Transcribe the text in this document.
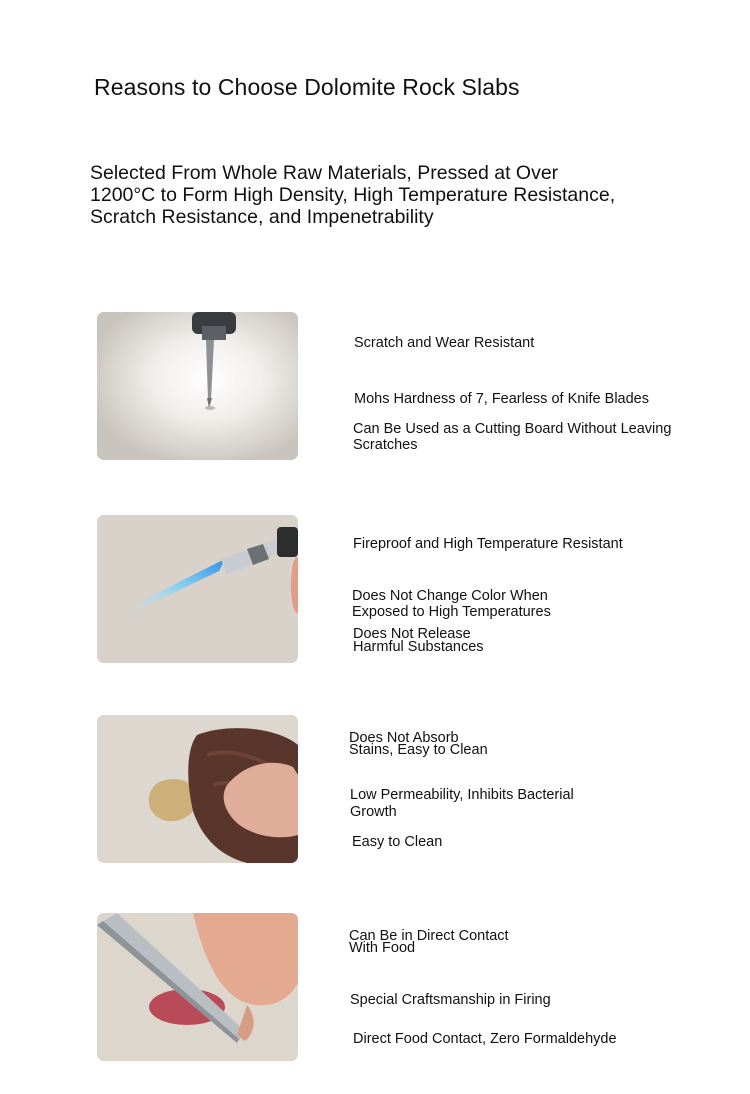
Reasons to Choose Dolomite Rock Slabs
Selected From Whole Raw Materials, Pressed at Over 1200°C to Form High Density, High Temperature Resistance, Scratch Resistance, and Impenetrability
Scratch and Wear Resistant
Mohs Hardness of 7, Fearless of Knife Blades
Can Be Used as a Cutting Board Without Leaving Scratches
Fireproof and High Temperature Resistant
Does Not Change Color When Exposed to High Temperatures
Does Not Release Harmful Substances
Does Not Absorb Stains, Easy to Clean
Low Permeability, Inhibits Bacterial Growth
Easy to Clean
Can Be in Direct Contact With Food
Special Craftsmanship in Firing
Direct Food Contact, Zero Formaldehyde
